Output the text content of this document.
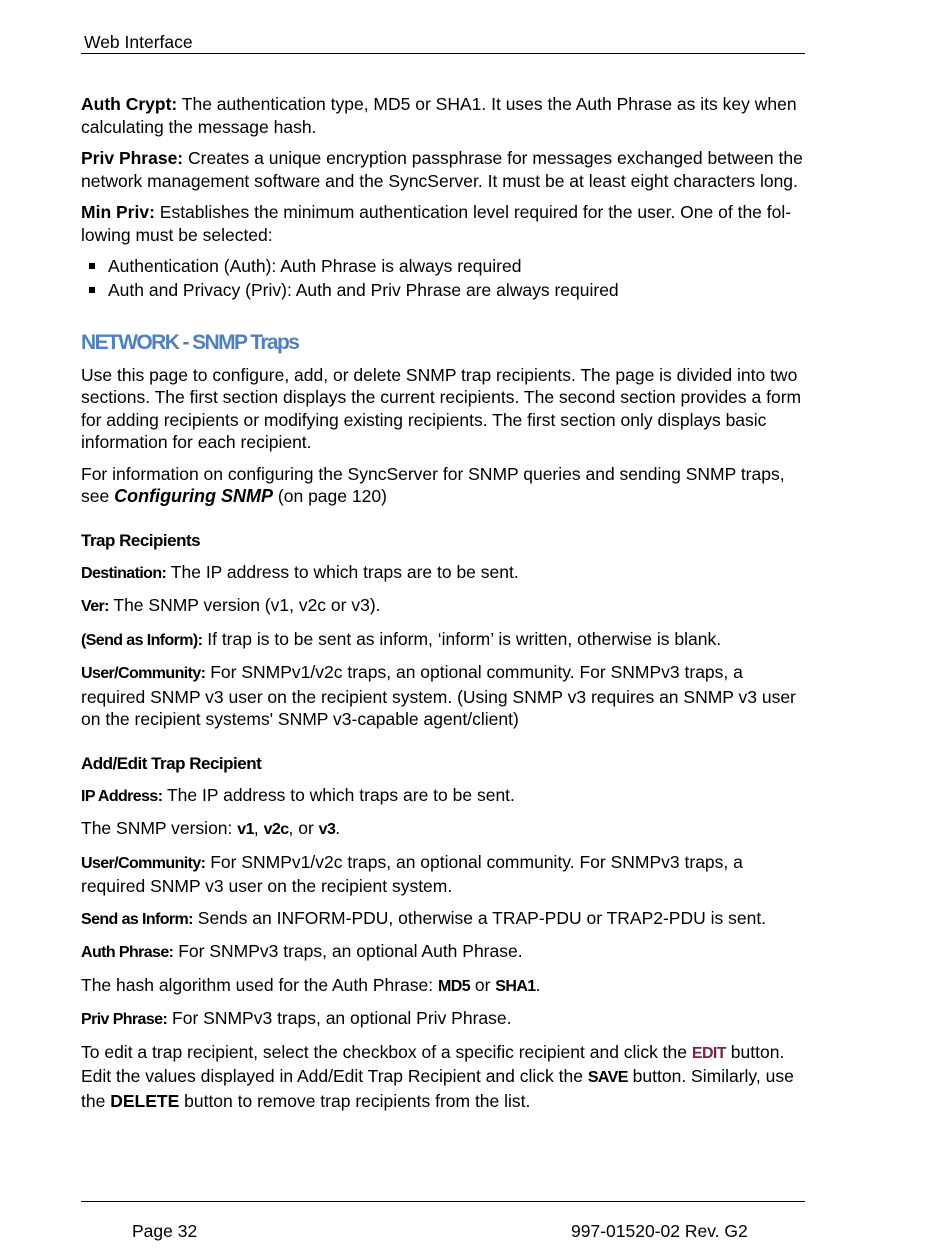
Web Interface

Auth Crypt: The authentication type, MD5 or SHA1. It uses the Auth Phrase as its key when calculating the message hash.

Priv Phrase: Creates a unique encryption passphrase for messages exchanged between the network management software and the SyncServer. It must be at least eight characters long.

Min Priv: Establishes the minimum authentication level required for the user. One of the fol-lowing must be selected:

Authentication (Auth): Auth Phrase is always required
Auth and Privacy (Priv): Auth and Priv Phrase are always required
NETWORK - SNMP Traps

Use this page to configure, add, or delete SNMP trap recipients. The page is divided into two sections. The first section displays the current recipients. The second section provides a form for adding recipients or modifying existing recipients. The first section only displays basic information for each recipient.

For information on configuring the SyncServer for SNMP queries and sending SNMP traps, see Configuring SNMP (on page 120)

Trap Recipients

Destination: The IP address to which traps are to be sent.

Ver: The SNMP version (v1, v2c or v3).

(Send as Inform): If trap is to be sent as inform, ‘inform’ is written, otherwise is blank.

User/Community: For SNMPv1/v2c traps, an optional community. For SNMPv3 traps, a required SNMP v3 user on the recipient system. (Using SNMP v3 requires an SNMP v3 user on the recipient systems' SNMP v3-capable agent/client)

Add/Edit Trap Recipient

IP Address: The IP address to which traps are to be sent.

The SNMP version: v1, v2c, or v3.

User/Community: For SNMPv1/v2c traps, an optional community. For SNMPv3 traps, a required SNMP v3 user on the recipient system.

Send as Inform: Sends an INFORM-PDU, otherwise a TRAP-PDU or TRAP2-PDU is sent.

Auth Phrase: For SNMPv3 traps, an optional Auth Phrase.

The hash algorithm used for the Auth Phrase: MD5 or SHA1.

Priv Phrase: For SNMPv3 traps, an optional Priv Phrase.

To edit a trap recipient, select the checkbox of a specific recipient and click the EDIT button. Edit the values displayed in Add/Edit Trap Recipient and click the SAVE button. Similarly, use the DELETE button to remove trap recipients from the list.

Page 32	997-01520-02 Rev. G2
